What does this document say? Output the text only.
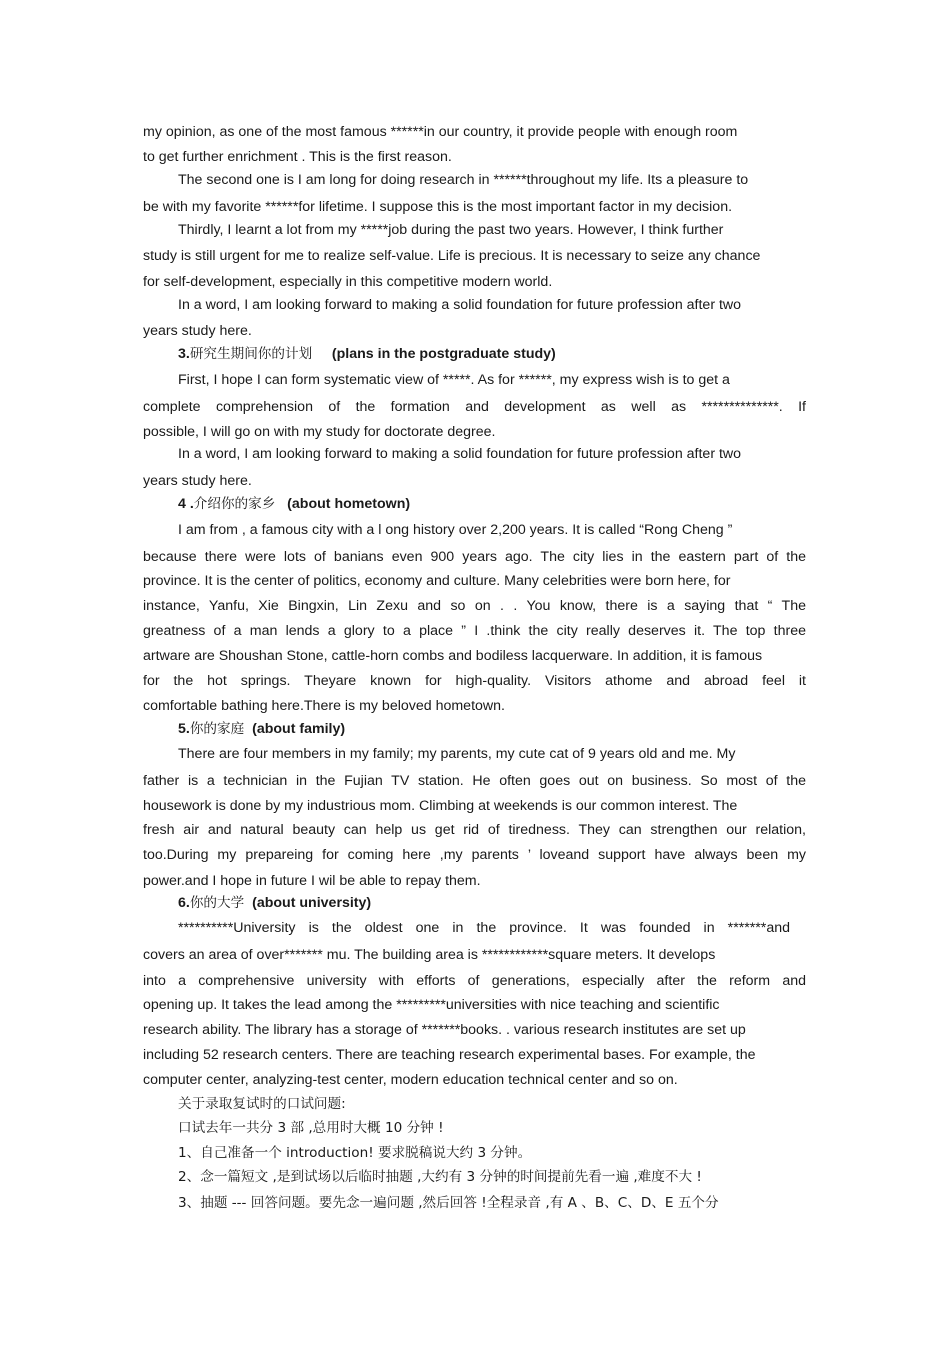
my opinion, as one of the most famous ******in our country, it provide people with enough room
to get further enrichment . This is the first reason.
The second one is I am long for doing research in ******throughout my life. Its a pleasure to
be with my favorite ******for lifetime. I suppose this is the most important factor in my decision.
Thirdly, I learnt a lot from my *****job during the past two years. However, I think further
study is still urgent for me to realize self-value. Life is precious. It is necessary to seize any chance
for self-development, especially in this competitive modern world.
In a word, I am looking forward to making a solid foundation for future profession after two
years study here.
3.研究生期间你的计划 (plans in the postgraduate study)
First, I hope I can form systematic view of *****. As for ******, my express wish is to get a
complete comprehension of the formation and development as well as **************. If
possible, I will go on with my study for doctorate degree.
In a word, I am looking forward to making a solid foundation for future profession after two
years study here.
4 .介绍你的家乡 (about hometown)
I am from , a famous city with a l ong history over 2,200 years. It is called “Rong Cheng ”
because there were lots of banians even 900 years ago. The city lies in the eastern part of the
province. It is the center of politics, economy and culture. Many celebrities were born here, for
instance, Yanfu, Xie Bingxin, Lin Zexu and so on . . You know, there is a saying that “ The
greatness of a man lends a glory to a place ” I .think the city really deserves it. The top three
artware are Shoushan Stone, cattle-horn combs and bodiless lacquerware. In addition, it is famous
for the hot springs. Theyare known for high-quality. Visitors athome and abroad feel it
comfortable bathing here.There is my beloved hometown.
5.你的家庭 (about family)
There are four members in my family; my parents, my cute cat of 9 years old and me. My
father is a technician in the Fujian TV station. He often goes out on business. So most of the
housework is done by my industrious mom. Climbing at weekends is our common interest. The
fresh air and natural beauty can help us get rid of tiredness. They can strengthen our relation,
too.During my prepareing for coming here ,my parents ’ loveand support have always been my
power.and I hope in future I wil be able to repay them.
6.你的大学 (about university)
**********University is the oldest one in the province. It was founded in *******and
covers an area of over******* mu. The building area is ************square meters. It develops
into a comprehensive university with efforts of generations, especially after the reform and
opening up. It takes the lead among the *********universities with nice teaching and scientific
research ability. The library has a storage of *******books. . various research institutes are set up
including 52 research centers. There are teaching research experimental bases. For example, the
computer center, analyzing-test center, modern education technical center and so on.
关于录取复试时的口试问题:
口试去年一共分 3 部 ,总用时大概 10 分钟 !
1、自己准备一个 introduction! 要求脱稿说大约 3 分钟。
2、念一篇短文 ,是到试场以后临时抽题 ,大约有 3 分钟的时间提前先看一遍 ,难度不大 !
3、抽题 --- 回答问题。要先念一遍问题 ,然后回答 !全程录音 ,有 A 、B、C、D、E 五个分
